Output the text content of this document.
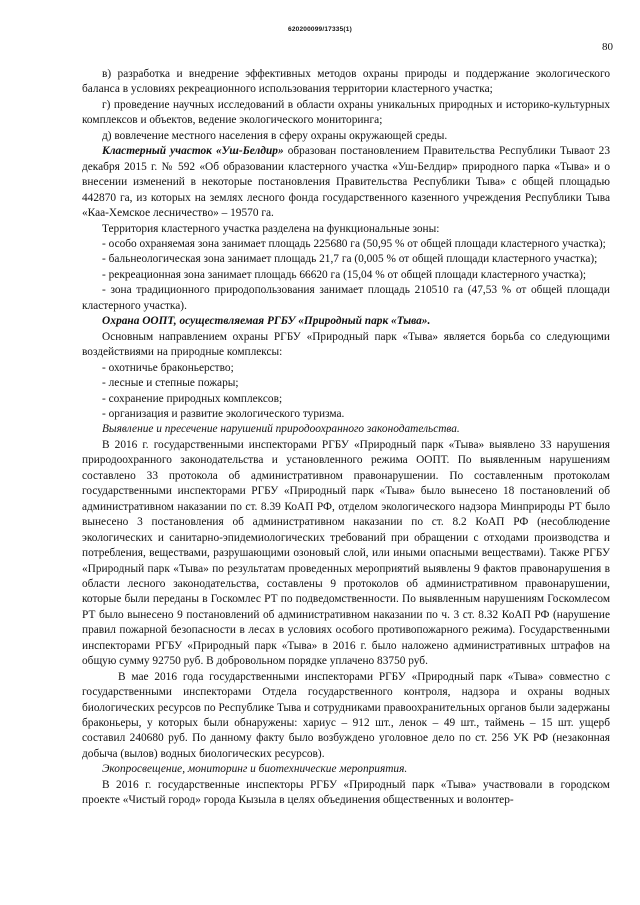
620200099/17335(1)
80

в) разработка и внедрение эффективных методов охраны природы и поддержание экологического баланса в условиях рекреационного использования территории кластерного участка;

г) проведение научных исследований в области охраны уникальных природных и историко-культурных комплексов и объектов, ведение экологического мониторинга;

д) вовлечение местного населения в сферу охраны окружающей среды.

Кластерный участок «Уш-Белдир» образован постановлением Правительства Республики Тываот 23 декабря 2015 г. № 592 «Об образовании кластерного участка «Уш-Белдир» природного парка «Тыва» и о внесении изменений в некоторые постановления Правительства Республики Тыва» с общей площадью 442870 га, из которых на землях лесного фонда государственного казенного учреждения Республики Тыва «Каа-Хемское лесничество» – 19570 га.

Территория кластерного участка разделена на функциональные зоны:

- особо охраняемая зона занимает площадь 225680 га (50,95 % от общей площади кластерного участка);

- бальнеологическая зона занимает площадь 21,7 га (0,005 % от общей площади кластерного участка);

- рекреационная зона занимает площадь 66620 га (15,04 % от общей площади кластерного участка);

- зона традиционного природопользования занимает площадь 210510 га (47,53 % от общей площади кластерного участка).

Охрана ООПТ, осуществляемая РГБУ «Природный парк «Тыва».

Основным направлением охраны РГБУ «Природный парк «Тыва» является борьба со следующими воздействиями на природные комплексы:

- охотничье браконьерство;

- лесные и степные пожары;

- сохранение природных комплексов;

- организация и развитие экологического туризма.

Выявление и пресечение нарушений природоохранного законодательства.

В 2016 г. государственными инспекторами РГБУ «Природный парк «Тыва» выявлено 33 нарушения природоохранного законодательства и установленного режима ООПТ. По выявленным нарушениям составлено 33 протокола об административном правонарушении. По составленным протоколам государственными инспекторами РГБУ «Природный парк «Тыва» было вынесено 18 постановлений об административном наказании по ст. 8.39 КоАП РФ, отделом экологического надзора Минприроды РТ было вынесено 3 постановления об административном наказании по ст. 8.2 КоАП РФ (несоблюдение экологических и санитарно-эпидемиологических требований при обращении с отходами производства и потребления, веществами, разрушающими озоновый слой, или иными опасными веществами). Также РГБУ «Природный парк «Тыва» по результатам проведенных мероприятий выявлены 9 фактов правонарушения в области лесного законодательства, составлены 9 протоколов об административном правонарушении, которые были переданы в Госкомлес РТ по подведомственности. По выявленным нарушениям Госкомлесом РТ было вынесено 9 постановлений об административном наказании по ч. 3 ст. 8.32 КоАП РФ (нарушение правил пожарной безопасности в лесах в условиях особого противопожарного режима). Государственными инспекторами РГБУ «Природный парк «Тыва» в 2016 г. было наложено административных штрафов на общую сумму 92750 руб. В добровольном порядке уплачено 83750 руб.

В мае 2016 года государственными инспекторами РГБУ «Природный парк «Тыва» совместно с государственными инспекторами Отдела государственного контроля, надзора и охраны водных биологических ресурсов по Республике Тыва и сотрудниками правоохранительных органов были задержаны браконьеры, у которых были обнаружены: хариус – 912 шт., ленок – 49 шт., таймень – 15 шт. ущерб составил 240680 руб. По данному факту было возбуждено уголовное дело по ст. 256 УК РФ (незаконная добыча (вылов) водных биологических ресурсов).

Экопросвещение, мониторинг и биотехнические мероприятия.

В 2016 г. государственные инспекторы РГБУ «Природный парк «Тыва» участвовали в городском проекте «Чистый город» города Кызыла в целях объединения общественных и волонтер-
